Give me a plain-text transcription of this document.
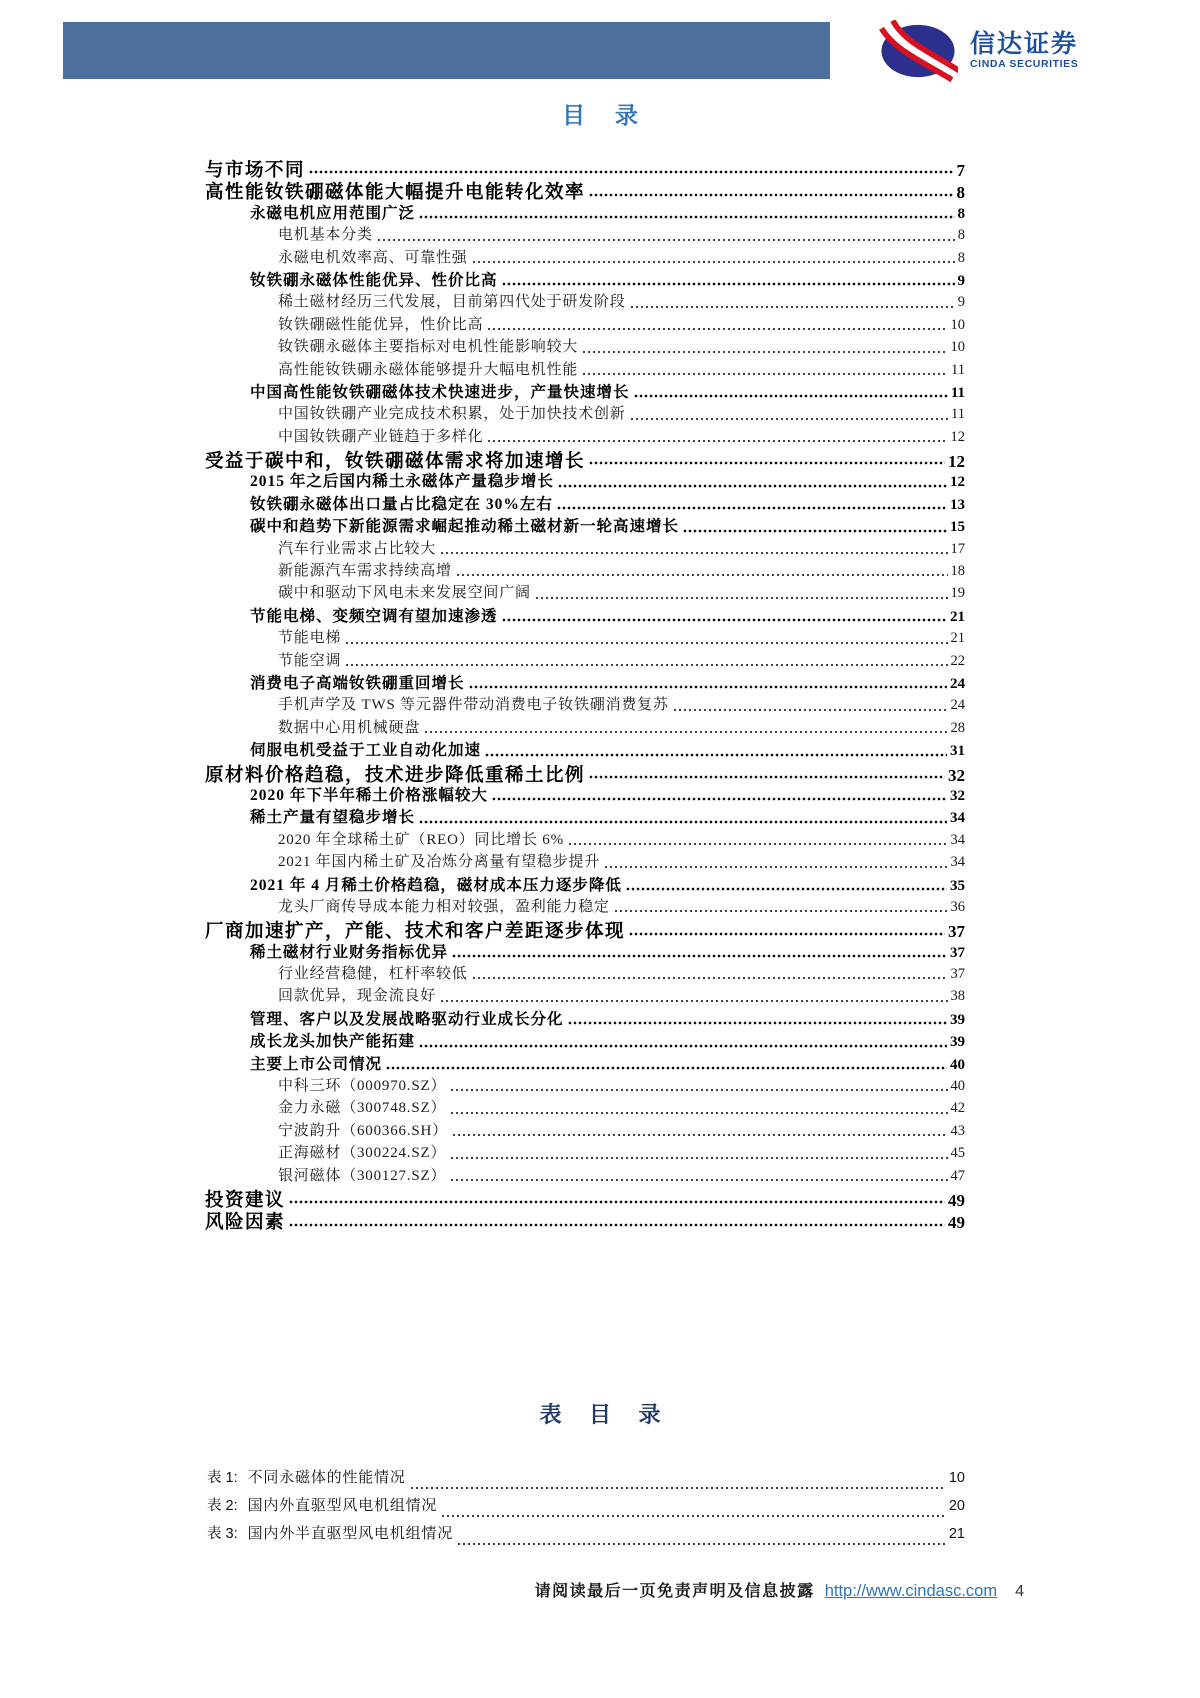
信达证券
CINDA SECURITIES
目 录
与市场不同	7
高性能钕铁硼磁体能大幅提升电能转化效率	8
永磁电机应用范围广泛	8
电机基本分类	8
永磁电机效率高、可靠性强	8
钕铁硼永磁体性能优异、性价比高	9
稀土磁材经历三代发展，目前第四代处于研发阶段	9
钕铁硼磁性能优异，性价比高	10
钕铁硼永磁体主要指标对电机性能影响较大	10
高性能钕铁硼永磁体能够提升大幅电机性能	11
中国高性能钕铁硼磁体技术快速进步，产量快速增长	11
中国钕铁硼产业完成技术积累，处于加快技术创新	11
中国钕铁硼产业链趋于多样化	12
受益于碳中和，钕铁硼磁体需求将加速增长	12
2015 年之后国内稀土永磁体产量稳步增长	12
钕铁硼永磁体出口量占比稳定在 30%左右	13
碳中和趋势下新能源需求崛起推动稀土磁材新一轮高速增长	15
汽车行业需求占比较大	17
新能源汽车需求持续高增	18
碳中和驱动下风电未来发展空间广阔	19
节能电梯、变频空调有望加速渗透	21
节能电梯	21
节能空调	22
消费电子高端钕铁硼重回增长	24
手机声学及 TWS 等元器件带动消费电子钕铁硼消费复苏	24
数据中心用机械硬盘	28
伺服电机受益于工业自动化加速	31
原材料价格趋稳，技术进步降低重稀土比例	32
2020 年下半年稀土价格涨幅较大	32
稀土产量有望稳步增长	34
2020 年全球稀土矿（REO）同比增长 6%	34
2021 年国内稀土矿及冶炼分离量有望稳步提升	34
2021 年 4 月稀土价格趋稳，磁材成本压力逐步降低	35
龙头厂商传导成本能力相对较强，盈利能力稳定	36
厂商加速扩产，产能、技术和客户差距逐步体现	37
稀土磁材行业财务指标优异	37
行业经营稳健，杠杆率较低	37
回款优异，现金流良好	38
管理、客户以及发展战略驱动行业成长分化	39
成长龙头加快产能拓建	39
主要上市公司情况	40
中科三环（000970.SZ）	40
金力永磁（300748.SZ）	42
宁波韵升（600366.SH）	43
正海磁材（300224.SZ）	45
银河磁体（300127.SZ）	47
投资建议	49
风险因素	49
表 目 录
表 1: 不同永磁体的性能情况	10
表 2: 国内外直驱型风电机组情况	20
表 3: 国内外半直驱型风电机组情况	21
请阅读最后一页免责声明及信息披露 http://www.cindasc.com 4
